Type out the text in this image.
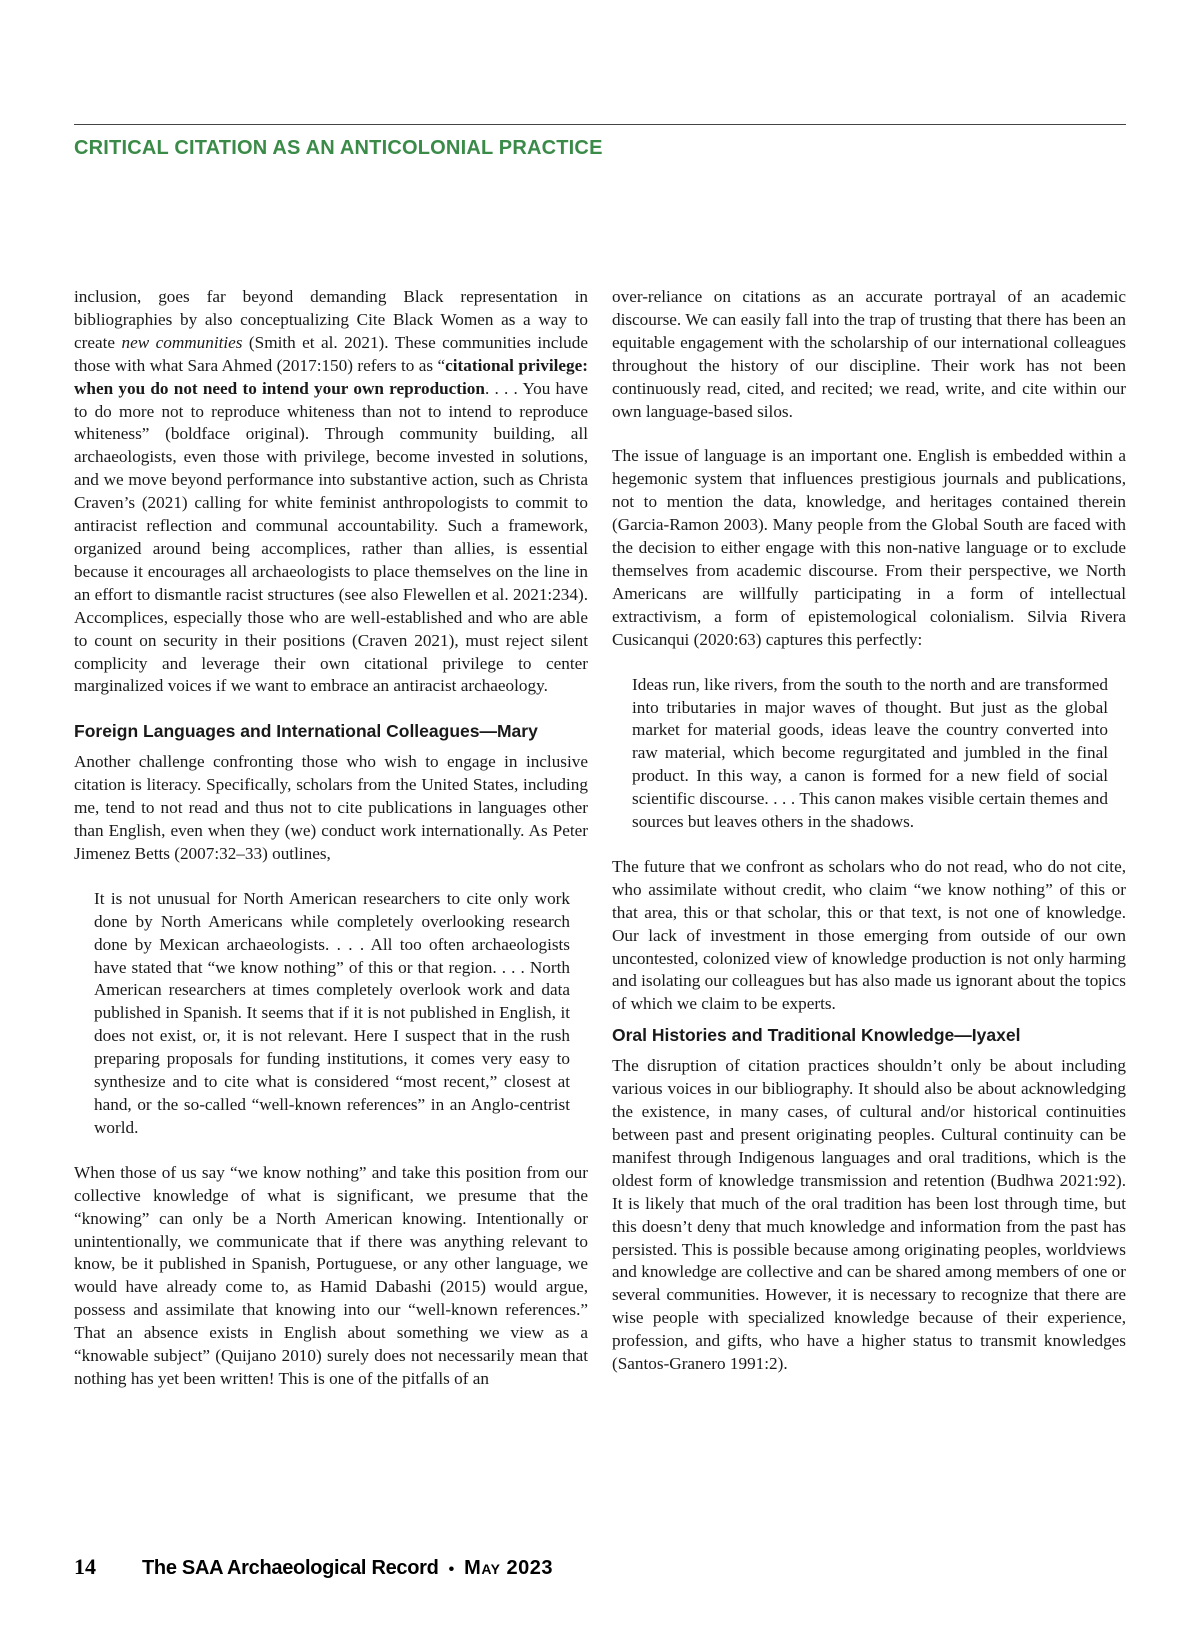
CRITICAL CITATION AS AN ANTICOLONIAL PRACTICE

inclusion, goes far beyond demanding Black representation in bibliographies by also conceptualizing Cite Black Women as a way to create new communities (Smith et al. 2021). These communities include those with what Sara Ahmed (2017:150) refers to as “citational privilege: when you do not need to intend your own reproduction. . . . You have to do more not to reproduce whiteness than not to intend to reproduce whiteness” (boldface original). Through community building, all archaeologists, even those with privilege, become invested in solutions, and we move beyond performance into substantive action, such as Christa Craven’s (2021) calling for white feminist anthropologists to commit to antiracist reflection and communal accountability. Such a framework, organized around being accomplices, rather than allies, is essential because it encourages all archaeologists to place themselves on the line in an effort to dismantle racist structures (see also Flewellen et al. 2021:234). Accomplices, especially those who are well-established and who are able to count on security in their positions (Craven 2021), must reject silent complicity and leverage their own citational privilege to center marginalized voices if we want to embrace an antiracist archaeology.

Foreign Languages and International Colleagues—Mary

Another challenge confronting those who wish to engage in inclusive citation is literacy. Specifically, scholars from the United States, including me, tend to not read and thus not to cite publications in languages other than English, even when they (we) conduct work internationally. As Peter Jimenez Betts (2007:32–33) outlines,

It is not unusual for North American researchers to cite only work done by North Americans while completely overlooking research done by Mexican archaeologists. . . . All too often archaeologists have stated that “we know nothing” of this or that region. . . . North American researchers at times completely overlook work and data published in Spanish. It seems that if it is not published in English, it does not exist, or, it is not relevant. Here I suspect that in the rush preparing proposals for funding institutions, it comes very easy to synthesize and to cite what is considered “most recent,” closest at hand, or the so-called “well-known references” in an Anglo-centrist world.

When those of us say “we know nothing” and take this position from our collective knowledge of what is significant, we presume that the “knowing” can only be a North American knowing. Intentionally or unintentionally, we communicate that if there was anything relevant to know, be it published in Spanish, Portuguese, or any other language, we would have already come to, as Hamid Dabashi (2015) would argue, possess and assimilate that knowing into our “well-known references.” That an absence exists in English about something we view as a “knowable subject” (Quijano 2010) surely does not necessarily mean that nothing has yet been written! This is one of the pitfalls of an

over-reliance on citations as an accurate portrayal of an academic discourse. We can easily fall into the trap of trusting that there has been an equitable engagement with the scholarship of our international colleagues throughout the history of our discipline. Their work has not been continuously read, cited, and recited; we read, write, and cite within our own language-based silos.

The issue of language is an important one. English is embedded within a hegemonic system that influences prestigious journals and publications, not to mention the data, knowledge, and heritages contained therein (Garcia-Ramon 2003). Many people from the Global South are faced with the decision to either engage with this non-native language or to exclude themselves from academic discourse. From their perspective, we North Americans are willfully participating in a form of intellectual extractivism, a form of epistemological colonialism. Silvia Rivera Cusicanqui (2020:63) captures this perfectly:

Ideas run, like rivers, from the south to the north and are transformed into tributaries in major waves of thought. But just as the global market for material goods, ideas leave the country converted into raw material, which become regurgitated and jumbled in the final product. In this way, a canon is formed for a new field of social scientific discourse. . . . This canon makes visible certain themes and sources but leaves others in the shadows.

The future that we confront as scholars who do not read, who do not cite, who assimilate without credit, who claim “we know nothing” of this or that area, this or that scholar, this or that text, is not one of knowledge. Our lack of investment in those emerging from outside of our own uncontested, colonized view of knowledge production is not only harming and isolating our colleagues but has also made us ignorant about the topics of which we claim to be experts.

Oral Histories and Traditional Knowledge—Iyaxel

The disruption of citation practices shouldn’t only be about including various voices in our bibliography. It should also be about acknowledging the existence, in many cases, of cultural and/or historical continuities between past and present originating peoples. Cultural continuity can be manifest through Indigenous languages and oral traditions, which is the oldest form of knowledge transmission and retention (Budhwa 2021:92). It is likely that much of the oral tradition has been lost through time, but this doesn’t deny that much knowledge and information from the past has persisted. This is possible because among originating peoples, worldviews and knowledge are collective and can be shared among members of one or several communities. However, it is necessary to recognize that there are wise people with specialized knowledge because of their experience, profession, and gifts, who have a higher status to transmit knowledges (Santos-Granero 1991:2).

14	The SAA Archaeological Record • May 2023
